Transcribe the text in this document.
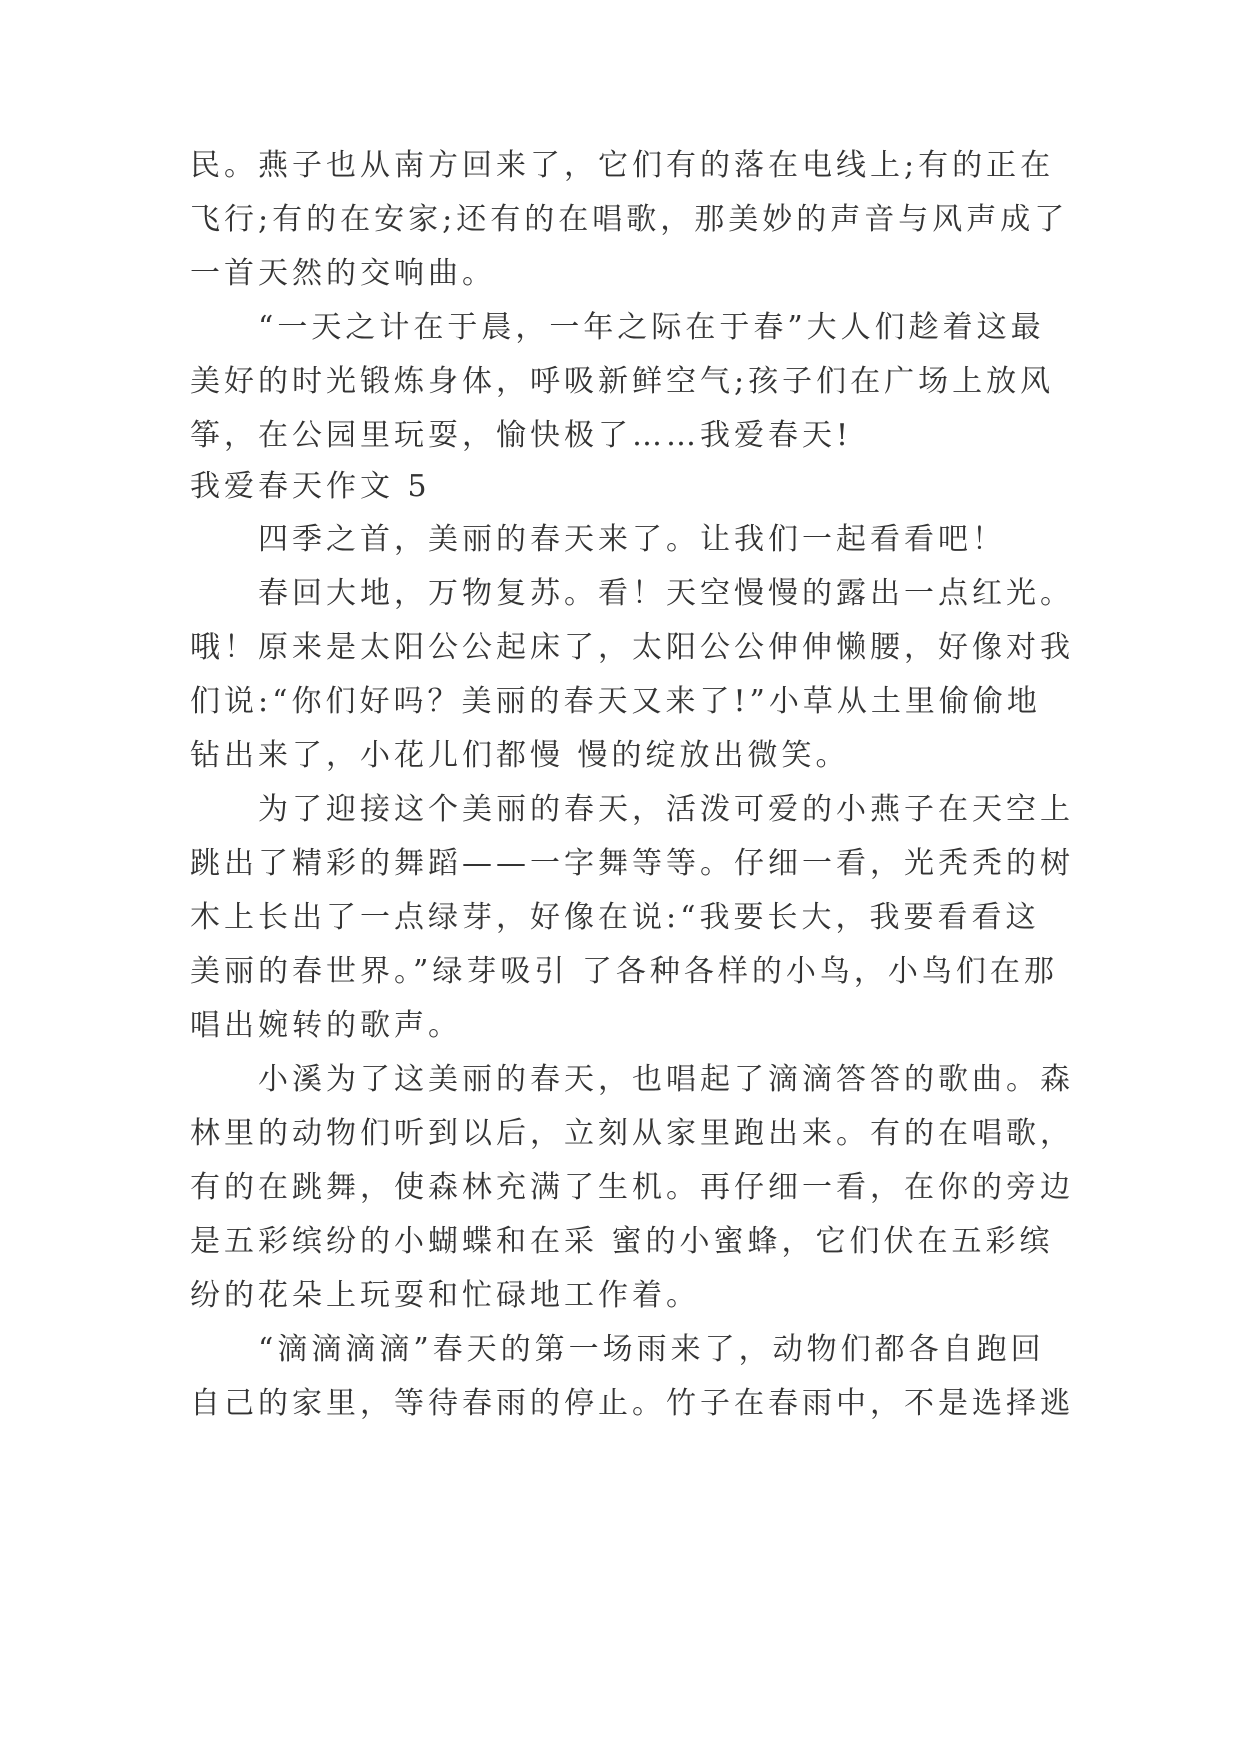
民。燕子也从南方回来了，它们有的落在电线上;有的正在

飞行;有的在安家;还有的在唱歌，那美妙的声音与风声成了

一首天然的交响曲。

“一天之计在于晨，一年之际在于春”大人们趁着这最

美好的时光锻炼身体，呼吸新鲜空气;孩子们在广场上放风

筝，在公园里玩耍，愉快极了……我爱春天!

我爱春天作文 5

四季之首，美丽的春天来了。让我们一起看看吧！

春回大地，万物复苏。看！天空慢慢的露出一点红光。

哦！原来是太阳公公起床了，太阳公公伸伸懒腰，好像对我

们说:“你们好吗？美丽的春天又来了!”小草从土里偷偷地

钻出来了，小花儿们都慢 慢的绽放出微笑。

为了迎接这个美丽的春天，活泼可爱的小燕子在天空上

跳出了精彩的舞蹈——一字舞等等。仔细一看，光秃秃的树

木上长出了一点绿芽，好像在说:“我要长大，我要看看这

美丽的春世界。”绿芽吸引 了各种各样的小鸟，小鸟们在那

唱出婉转的歌声。

小溪为了这美丽的春天，也唱起了滴滴答答的歌曲。森

林里的动物们听到以后，立刻从家里跑出来。有的在唱歌，

有的在跳舞，使森林充满了生机。再仔细一看，在你的旁边

是五彩缤纷的小蝴蝶和在采 蜜的小蜜蜂，它们伏在五彩缤

纷的花朵上玩耍和忙碌地工作着。

“滴滴滴滴”春天的第一场雨来了，动物们都各自跑回

自己的家里，等待春雨的停止。竹子在春雨中，不是选择逃
